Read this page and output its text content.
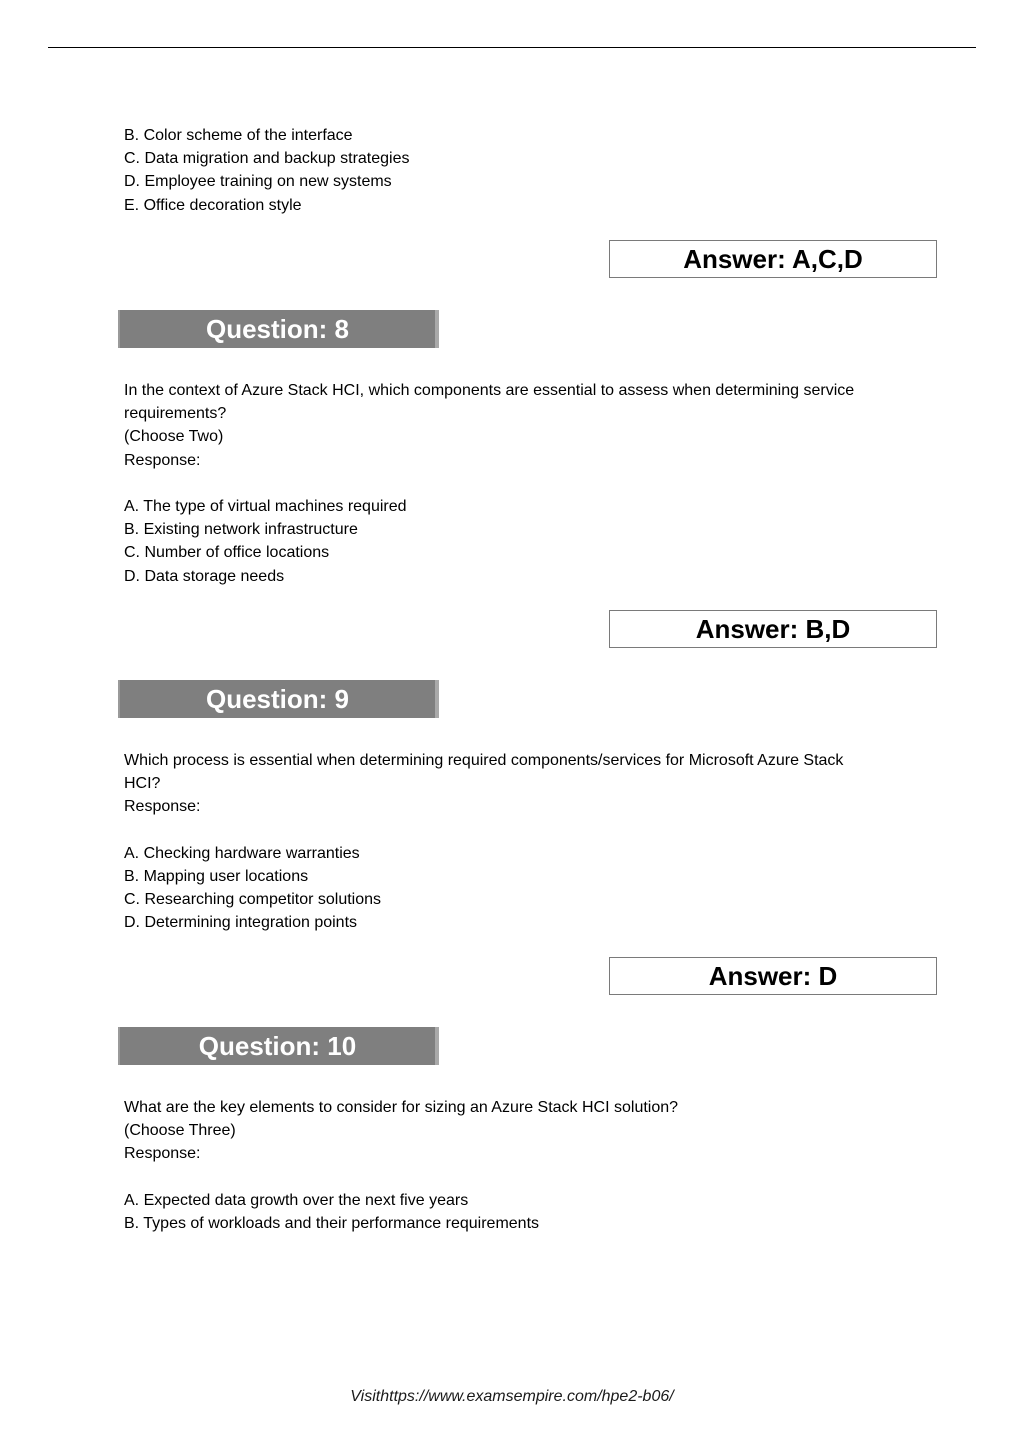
B. Color scheme of the interface
C. Data migration and backup strategies
D. Employee training on new systems
E. Office decoration style
Answer: A,C,D
Question: 8
In the context of Azure Stack HCI, which components are essential to assess when determining service
requirements?
(Choose Two)
Response:
A. The type of virtual machines required
B. Existing network infrastructure
C. Number of office locations
D. Data storage needs
Answer: B,D
Question: 9
Which process is essential when determining required components/services for Microsoft Azure Stack
HCI?
Response:
A. Checking hardware warranties
B. Mapping user locations
C. Researching competitor solutions
D. Determining integration points
Answer: D
Question: 10
What are the key elements to consider for sizing an Azure Stack HCI solution?
(Choose Three)
Response:
A. Expected data growth over the next five years
B. Types of workloads and their performance requirements
Visithttps://www.examsempire.com/hpe2-b06/
